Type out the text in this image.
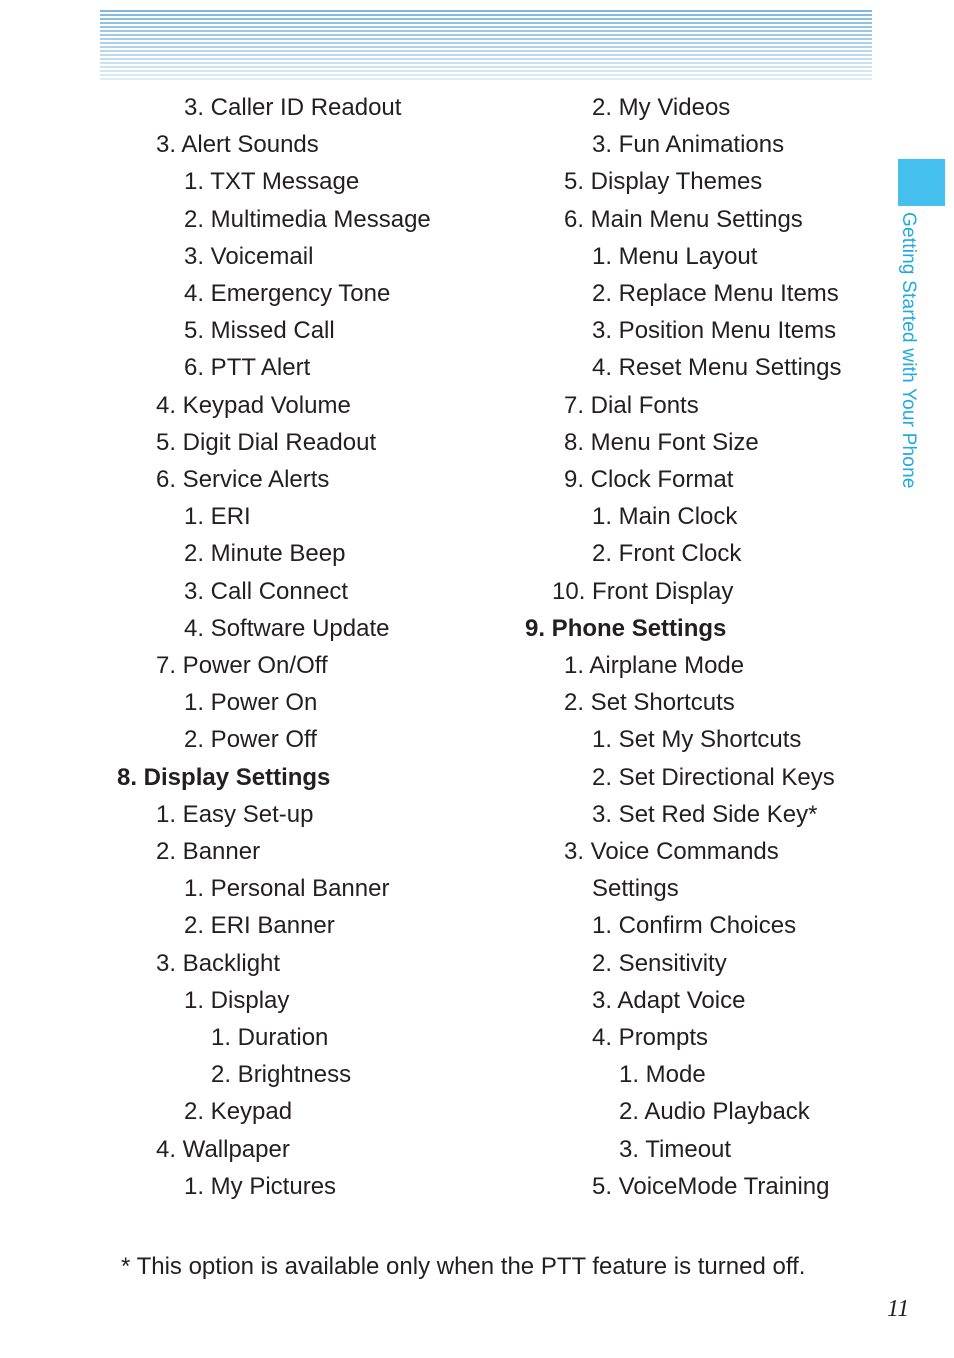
Getting Started with Your Phone
3. Caller ID Readout
3. Alert Sounds
1. TXT Message
2. Multimedia Message
3. Voicemail
4. Emergency Tone
5. Missed Call
6. PTT Alert
4. Keypad Volume
5. Digit Dial Readout
6. Service Alerts
1. ERI
2. Minute Beep
3. Call Connect
4. Software Update
7. Power On/Off
1. Power On
2. Power Off
8. Display Settings
1. Easy Set-up
2. Banner
1. Personal Banner
2. ERI Banner
3. Backlight
1. Display
1. Duration
2. Brightness
2. Keypad
4. Wallpaper
1. My Pictures
2. My Videos
3. Fun Animations
5. Display Themes
6. Main Menu Settings
1. Menu Layout
2. Replace Menu Items
3. Position Menu Items
4. Reset Menu Settings
7. Dial Fonts
8. Menu Font Size
9. Clock Format
1. Main Clock
2. Front Clock
10. Front Display
9. Phone Settings
1. Airplane Mode
2. Set Shortcuts
1. Set My Shortcuts
2. Set Directional Keys
3. Set Red Side Key*
3. Voice Commands
Settings
1. Confirm Choices
2. Sensitivity
3. Adapt Voice
4. Prompts
1. Mode
2. Audio Playback
3. Timeout
5. VoiceMode Training
* This option is available only when the PTT feature is turned off.
11
